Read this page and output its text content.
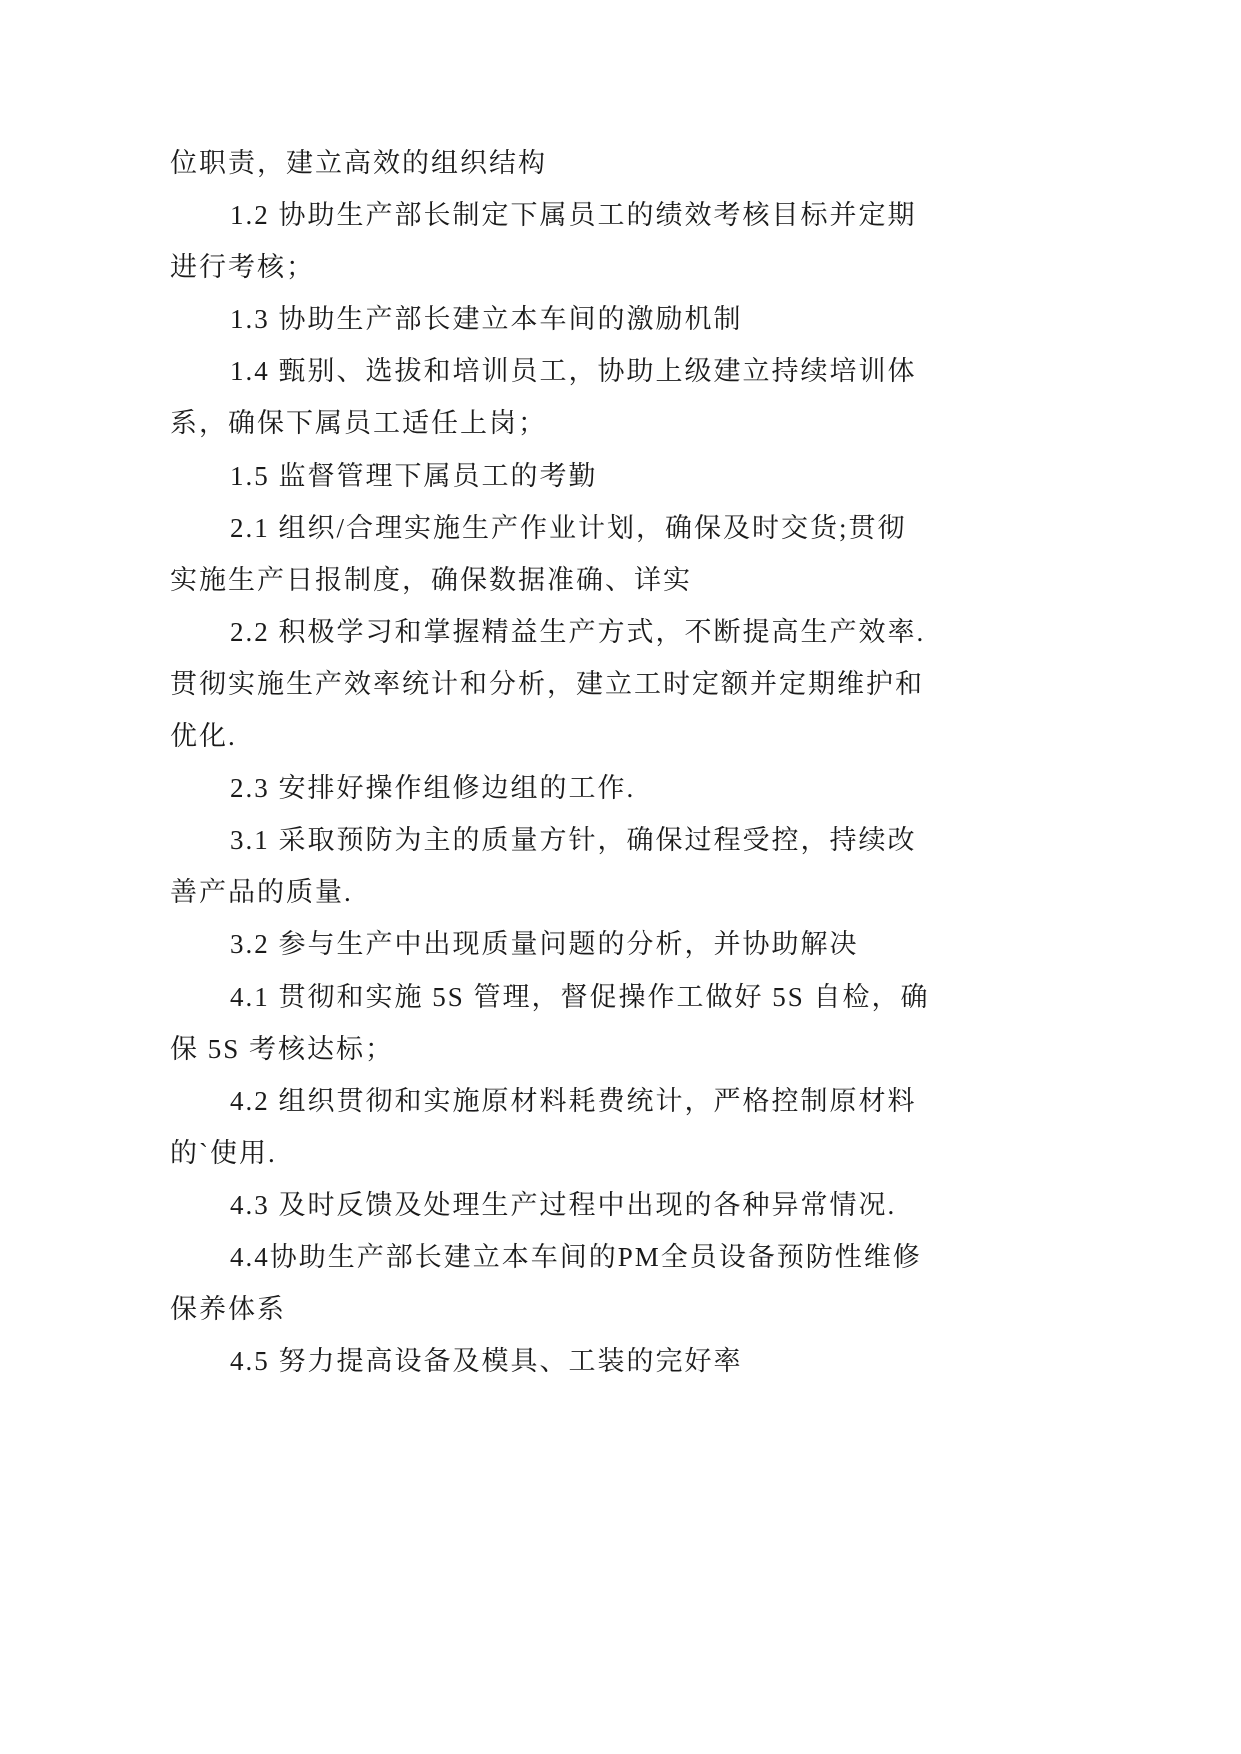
位职责，建立高效的组织结构
1.2 协助生产部长制定下属员工的绩效考核目标并定期
进行考核；
1.3 协助生产部长建立本车间的激励机制
1.4 甄别、选拔和培训员工，协助上级建立持续培训体
系，确保下属员工适任上岗；
1.5 监督管理下属员工的考勤
2.1 组织/合理实施生产作业计划，确保及时交货;贯彻
实施生产日报制度，确保数据准确、详实
2.2 积极学习和掌握精益生产方式，不断提高生产效率.
贯彻实施生产效率统计和分析，建立工时定额并定期维护和
优化.
2.3 安排好操作组修边组的工作.
3.1 采取预防为主的质量方针，确保过程受控，持续改
善产品的质量.
3.2 参与生产中出现质量问题的分析，并协助解决
4.1 贯彻和实施 5S 管理，督促操作工做好 5S 自检，确
保 5S 考核达标；
4.2 组织贯彻和实施原材料耗费统计，严格控制原材料
的`使用.
4.3 及时反馈及处理生产过程中出现的各种异常情况.
4.4协助生产部长建立本车间的PM全员设备预防性维修
保养体系
4.5 努力提高设备及模具、工装的完好率
